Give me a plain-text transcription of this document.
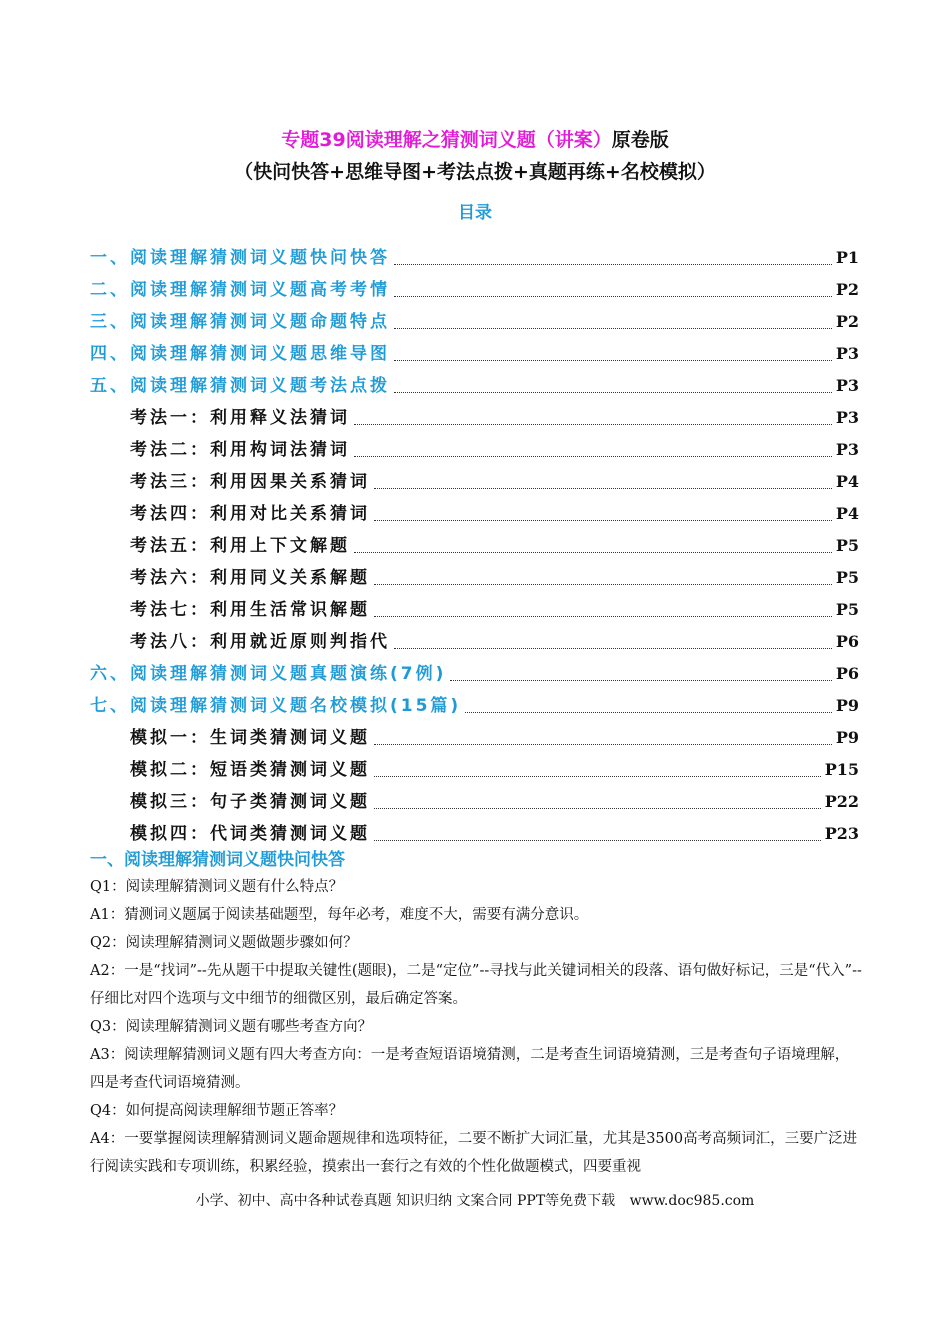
专题39阅读理解之猜测词义题（讲案）原卷版
（快问快答+思维导图+考法点拨+真题再练+名校模拟）
目录
一、阅读理解猜测词义题快问快答	P1
二、阅读理解猜测词义题高考考情	P2
三、阅读理解猜测词义题命题特点	P2
四、阅读理解猜测词义题思维导图	P3
五、阅读理解猜测词义题考法点拨	P3
考法一：利用释义法猜词	P3
考法二：利用构词法猜词	P3
考法三：利用因果关系猜词	P4
考法四：利用对比关系猜词	P4
考法五：利用上下文解题	P5
考法六：利用同义关系解题	P5
考法七：利用生活常识解题	P5
考法八：利用就近原则判指代	P6
六、阅读理解猜测词义题真题演练(7例)	P6
七、阅读理解猜测词义题名校模拟(15篇)	P9
模拟一：生词类猜测词义题	P9
模拟二：短语类猜测词义题	P15
模拟三：句子类猜测词义题	P22
模拟四：代词类猜测词义题	P23
一、阅读理解猜测词义题快问快答
Q1：阅读理解猜测词义题有什么特点？
A1：猜测词义题属于阅读基础题型，每年必考，难度不大，需要有满分意识。
Q2：阅读理解猜测词义题做题步骤如何？
A2：一是“找词”--先从题干中提取关键性(题眼)，二是“定位”--寻找与此关键词相关的段落、语句做好标记，三是“代入”--仔细比对四个选项与文中细节的细微区别，最后确定答案。
Q3：阅读理解猜测词义题有哪些考查方向？
A3：阅读理解猜测词义题有四大考查方向：一是考查短语语境猜测，二是考查生词语境猜测，三是考查句子语境理解，四是考查代词语境猜测。
Q4：如何提高阅读理解细节题正答率？
A4：一要掌握阅读理解猜测词义题命题规律和选项特征，二要不断扩大词汇量，尤其是3500高考高频词汇，三要广泛进行阅读实践和专项训练，积累经验，摸索出一套行之有效的个性化做题模式，四要重视
小学、初中、高中各种试卷真题 知识归纳 文案合同 PPT等免费下载 www.doc985.com
